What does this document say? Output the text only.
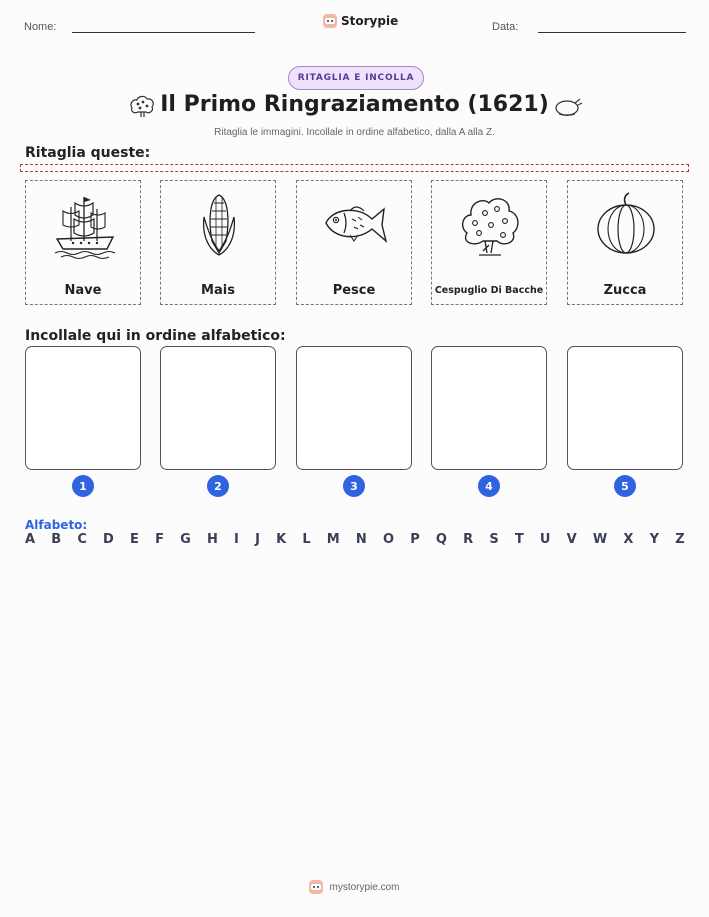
Nome:	Storypie	Data:
RITAGLIA E INCOLLA
Il Primo Ringraziamento (1621)
Ritaglia le immagini. Incollale in ordine alfabetico, dalla A alla Z.
Ritaglia queste:
Nave	Mais	Pesce	Cespuglio Di Bacche	Zucca
Incollale qui in ordine alfabetico:
1	2	3	4	5
Alfabeto:
A B C D E F G H I J K L M N O P Q R S T U V W X Y Z
mystorypie.com
